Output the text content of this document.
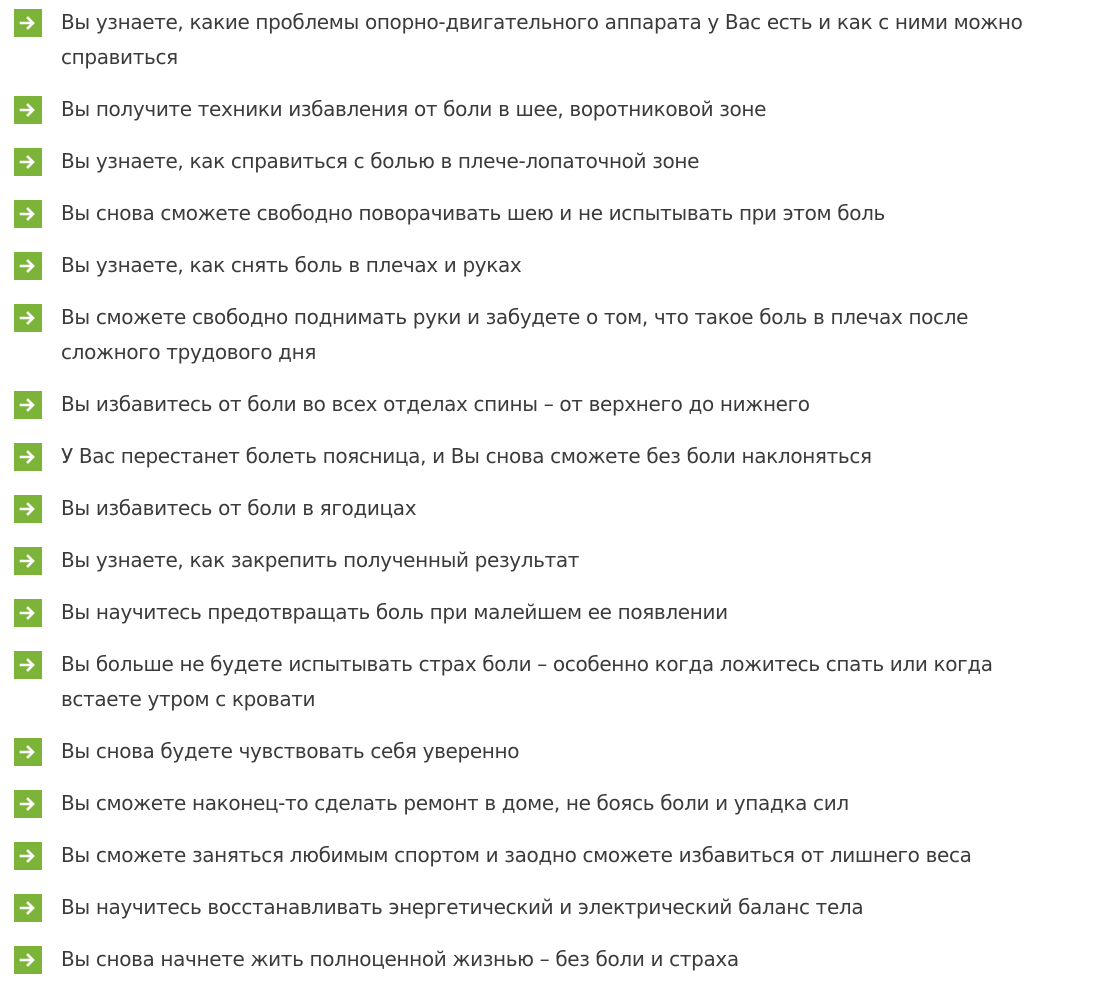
Вы узнаете, какие проблемы опорно-двигательного аппарата у Вас есть и как с ними можно
справиться
Вы получите техники избавления от боли в шее, воротниковой зоне
Вы узнаете, как справиться с болью в плече-лопаточной зоне
Вы снова сможете свободно поворачивать шею и не испытывать при этом боль
Вы узнаете, как снять боль в плечах и руках
Вы сможете свободно поднимать руки и забудете о том, что такое боль в плечах после
сложного трудового дня
Вы избавитесь от боли во всех отделах спины – от верхнего до нижнего
У Вас перестанет болеть поясница, и Вы снова сможете без боли наклоняться
Вы избавитесь от боли в ягодицах
Вы узнаете, как закрепить полученный результат
Вы научитесь предотвращать боль при малейшем ее появлении
Вы больше не будете испытывать страх боли – особенно когда ложитесь спать или когда
встаете утром с кровати
Вы снова будете чувствовать себя уверенно
Вы сможете наконец-то сделать ремонт в доме, не боясь боли и упадка сил
Вы сможете заняться любимым спортом и заодно сможете избавиться от лишнего веса
Вы научитесь восстанавливать энергетический и электрический баланс тела
Вы снова начнете жить полноценной жизнью – без боли и страха
